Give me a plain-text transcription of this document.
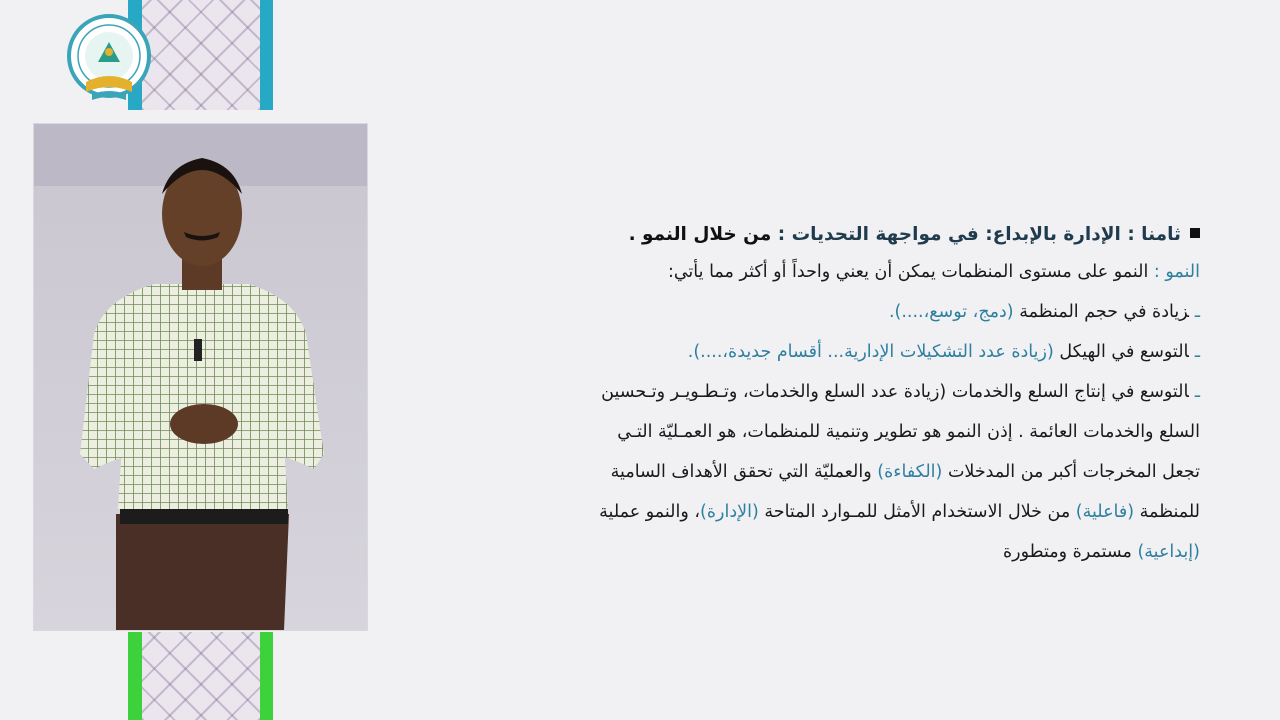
ثامنا : الإدارة بالإبداع: في مواجهة التحديات : من خلال النمو .
النمو : النمو على مستوى المنظمات يمكن أن يعني واحداً أو أكثر مما يأتي:
ـزيادة في حجم المنظمة (دمج، توسع،....).
ـالتوسع في الهيكل (زيادة عدد التشكيلات الإدارية... أقسام جديدة،....).
ـالتوسع في إنتاج السلع والخدمات (زيادة عدد السلع والخدمات، وتـطـويـر وتـحسين
السلع والخدمات العائمة . إذن النمو هو تطوير وتنمية للمنظمات، هو العمـليّة التـي
تجعل المخرجات أكبر من المدخلات (الكفاءة) والعمليّة التي تحقق الأهداف السامية
للمنظمة (فاعلية) من خلال الاستخدام الأمثل للمـوارد المتاحة (الإدارة)، والنمو عملية
(إبداعية) مستمرة ومتطورة
